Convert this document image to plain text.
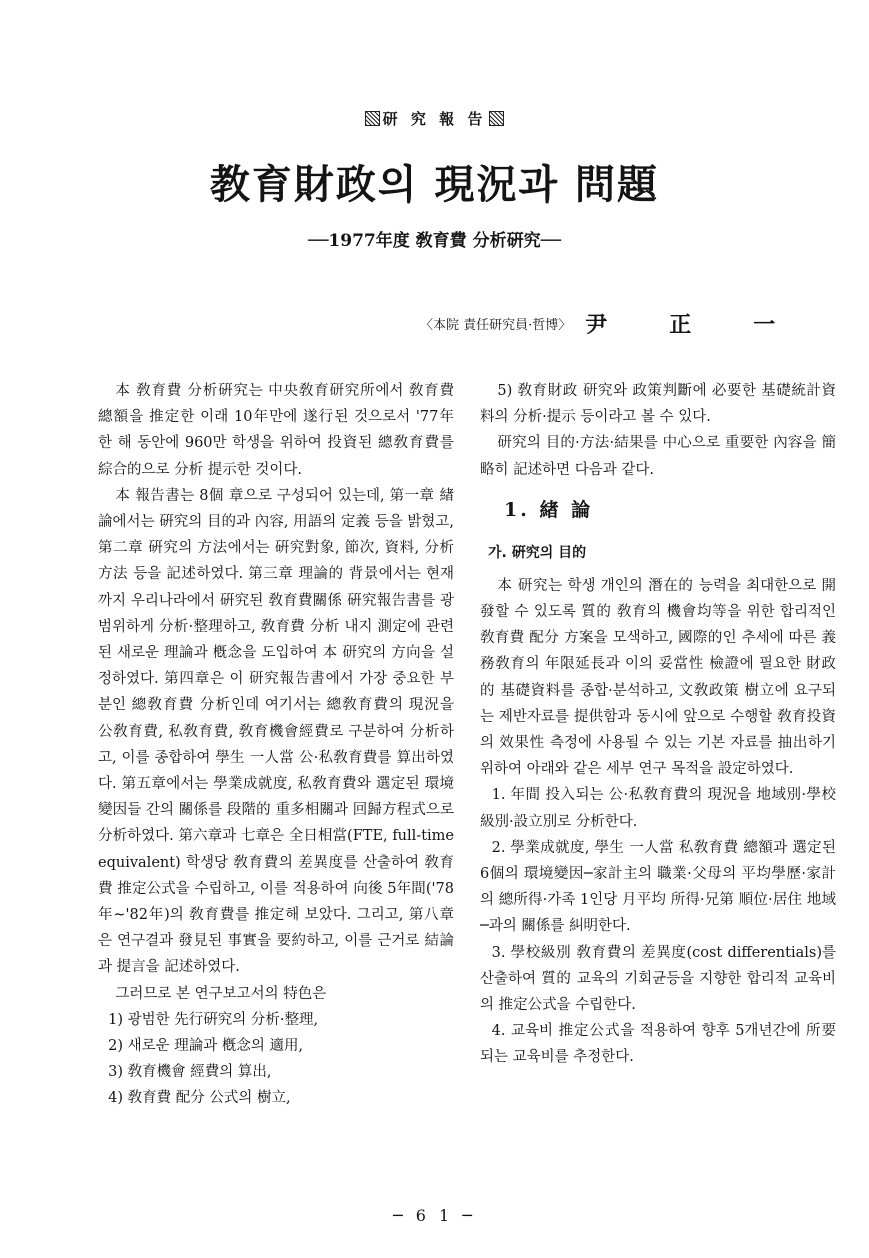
研 究 報 告
教育財政의 現況과 問題
──1977年度 敎育費 分析硏究──
〈本院 責任研究員·哲博〉 尹正一

本 敎育費 分析硏究는 中央敎育研究所에서 敎育費 總額을 推定한 이래 10年만에 遂行된 것으로서 '77年 한 해 동안에 960만 학생을 위하여 投資된 總敎育費를 綜合的으로 分析 提示한 것이다.

本 報告書는 8個 章으로 구성되어 있는데, 第一章 緖論에서는 硏究의 目的과 內容, 用語의 定義 등을 밝혔고, 第二章 硏究의 方法에서는 硏究對象, 節次, 資料, 分析方法 등을 記述하였다. 第三章 理論的 背景에서는 현재까지 우리나라에서 硏究된 敎育費關係 硏究報告書를 광범위하게 分析·整理하고, 敎育費 分析 내지 測定에 관련된 새로운 理論과 槪念을 도입하여 本 研究의 方向을 설정하였다. 第四章은 이 研究報告書에서 가장 중요한 부분인 總敎育費 分析인데 여기서는 總敎育費의 現況을 公敎育費, 私敎育費, 敎育機會經費로 구분하여 分析하고, 이를 종합하여 學生 一人當 公·私敎育費를 算出하였다. 第五章에서는 學業成就度, 私敎育費와 選定된 環境變因들 간의 關係를 段階的 重多相關과 回歸方程式으로 分析하였다. 第六章과 七章은 全日相當(FTE, full-time equivalent) 학생당 敎育費의 差異度를 산출하여 敎育費 推定公式을 수립하고, 이를 적용하여 向後 5年間('78年~'82年)의 敎育費를 推定해 보았다. 그리고, 第八章은 연구결과 發見된 事實을 要約하고, 이를 근거로 結論과 提言을 記述하였다.

그러므로 본 연구보고서의 特色은

1) 광범한 先行硏究의 分析·整理,

2) 새로운 理論과 槪念의 適用,

3) 敎育機會 經費의 算出,

4) 敎育費 配分 公式의 樹立,

5) 敎育財政 研究와 政策判斷에 必要한 基礎統計資料의 分析·提示 등이라고 볼 수 있다.

研究의 目的·方法·結果를 中心으로 重要한 內容을 簡略히 記述하면 다음과 같다.

1. 緖 論
가. 硏究의 目的

本 研究는 학생 개인의 潛在的 능력을 최대한으로 開發할 수 있도록 質的 敎育의 機會均等을 위한 합리적인 敎育費 配分 方案을 모색하고, 國際的인 추세에 따른 義務敎育의 年限延長과 이의 妥當性 檢證에 필요한 財政的 基礎資料를 종합·분석하고, 文敎政策 樹立에 요구되는 제반자료를 提供함과 동시에 앞으로 수행할 敎育投資의 效果性 측정에 사용될 수 있는 기본 자료를 抽出하기 위하여 아래와 같은 세부 연구 목적을 設定하였다.

1. 年間 投入되는 公·私敎育費의 現況을 地域別·學校級別·設立別로 分析한다.

2. 學業成就度, 學生 一人當 私敎育費 總額과 選定된 6個의 環境變因─家計主의 職業·父母의 平均學歷·家計의 總所得·가족 1인당 月平均 所得·兄第 順位·居住 地域─과의 關係를 糾明한다.

3. 學校級別 敎育費의 差異度(cost differentials)를 산출하여 質的 교육의 기회균등을 지향한 합리적 교육비의 推定公式을 수립한다.

4. 교육비 推定公式을 적용하여 향후 5개년간에 所要되는 교육비를 추정한다.

─ 6 1 ─
